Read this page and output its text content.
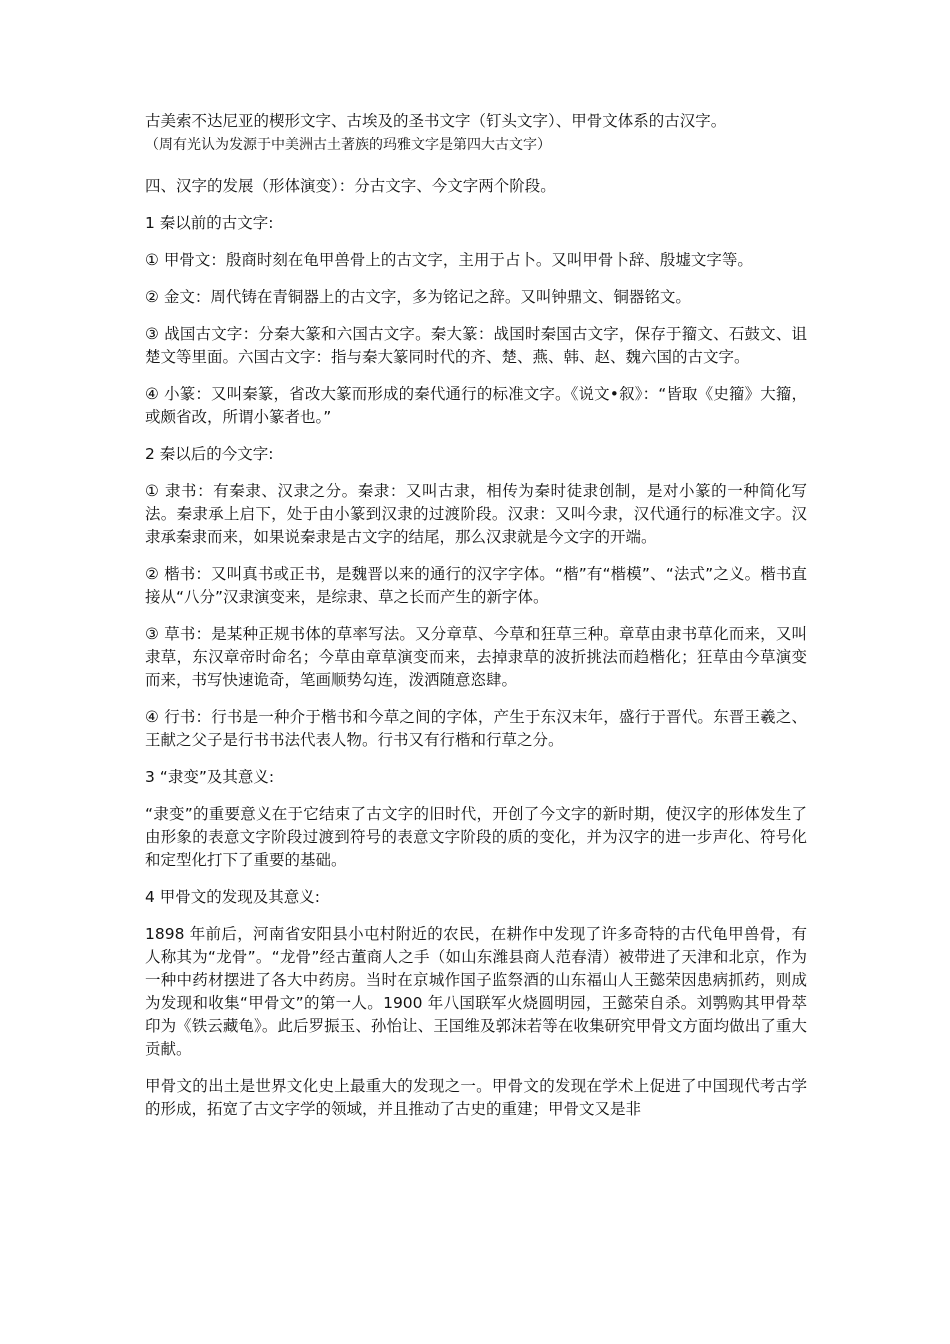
古美索不达尼亚的楔形文字、古埃及的圣书文字（钉头文字）、甲骨文体系的古汉字。
（周有光认为发源于中美洲古土著族的玛雅文字是第四大古文字）

四、汉字的发展（形体演变）：分古文字、今文字两个阶段。

1 秦以前的古文字:

① 甲骨文：殷商时刻在龟甲兽骨上的古文字，主用于占卜。又叫甲骨卜辞、殷墟文字等。

② 金文：周代铸在青铜器上的古文字，多为铭记之辞。又叫钟鼎文、铜器铭文。

③ 战国古文字：分秦大篆和六国古文字。秦大篆：战国时秦国古文字，保存于籀文、石鼓文、诅楚文等里面。六国古文字：指与秦大篆同时代的齐、楚、燕、韩、赵、魏六国的古文字。

④ 小篆：又叫秦篆，省改大篆而形成的秦代通行的标准文字。《说文•叙》：“皆取《史籀》大籀，或颇省改，所谓小篆者也。”

2 秦以后的今文字:

① 隶书：有秦隶、汉隶之分。秦隶：又叫古隶，相传为秦时徒隶创制，是对小篆的一种简化写法。秦隶承上启下，处于由小篆到汉隶的过渡阶段。汉隶：又叫今隶，汉代通行的标准文字。汉隶承秦隶而来，如果说秦隶是古文字的结尾，那么汉隶就是今文字的开端。

② 楷书：又叫真书或正书，是魏晋以来的通行的汉字字体。“楷”有“楷模”、“法式”之义。楷书直接从“八分”汉隶演变来，是综隶、草之长而产生的新字体。

③ 草书：是某种正规书体的草率写法。又分章草、今草和狂草三种。章草由隶书草化而来，又叫隶草，东汉章帝时命名；今草由章草演变而来，去掉隶草的波折挑法而趋楷化；狂草由今草演变而来，书写快速诡奇，笔画顺势勾连，泼洒随意恣肆。

④ 行书：行书是一种介于楷书和今草之间的字体，产生于东汉末年，盛行于晋代。东晋王羲之、王献之父子是行书书法代表人物。行书又有行楷和行草之分。

3 “隶变”及其意义:

“隶变”的重要意义在于它结束了古文字的旧时代，开创了今文字的新时期，使汉字的形体发生了由形象的表意文字阶段过渡到符号的表意文字阶段的质的变化，并为汉字的进一步声化、符号化和定型化打下了重要的基础。

4 甲骨文的发现及其意义:

1898 年前后，河南省安阳县小屯村附近的农民，在耕作中发现了许多奇特的古代龟甲兽骨，有人称其为“龙骨”。“龙骨”经古董商人之手（如山东潍县商人范春清）被带进了天津和北京，作为一种中药材摆进了各大中药房。当时在京城作国子监祭酒的山东福山人王懿荣因患病抓药，则成为发现和收集“甲骨文”的第一人。1900 年八国联军火烧圆明园，王懿荣自杀。刘鹗购其甲骨萃印为《铁云藏龟》。此后罗振玉、孙怡让、王国维及郭沫若等在收集研究甲骨文方面均做出了重大贡献。

甲骨文的出土是世界文化史上最重大的发现之一。甲骨文的发现在学术上促进了中国现代考古学的形成，拓宽了古文字学的领域，并且推动了古史的重建；甲骨文又是非
